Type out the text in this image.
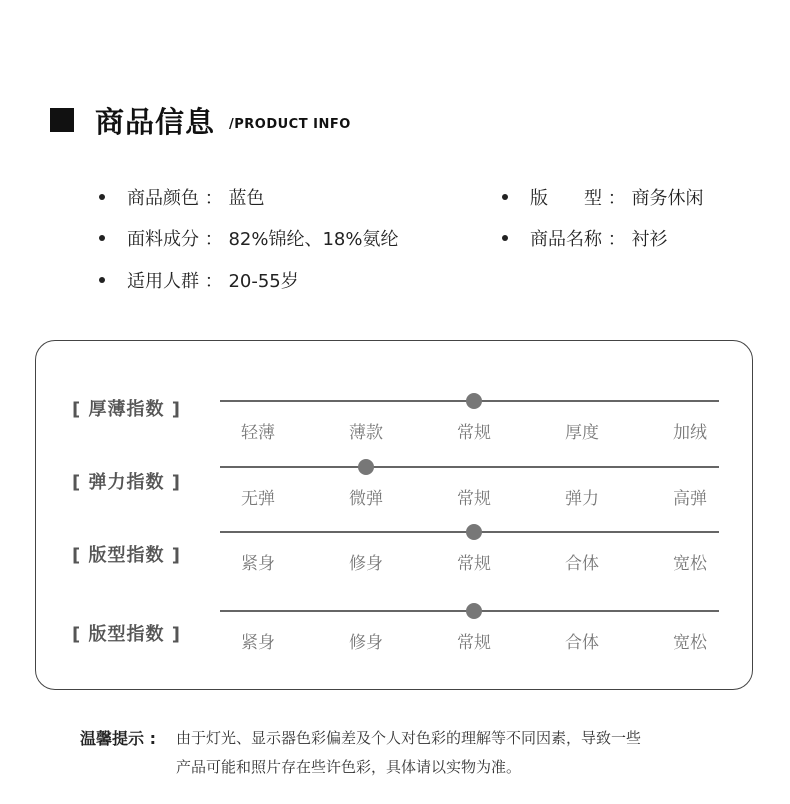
商品信息 /PRODUCT INFO
商品颜色 ： 蓝色
面料成分 ： 82%锦纶、18%氨纶
适用人群 ： 20-55岁
版　　型 ： 商务休闲
商品名称 ： 衬衫
[ 厚薄指数 ]
轻薄	薄款	常规	厚度	加绒
[ 弹力指数 ]
无弹	微弹	常规	弹力	高弹
[ 版型指数 ]	紧身	修身	常规	合体	宽松
[ 版型指数 ]	紧身	修身	常规	合体	宽松
温馨提示 : 由于灯光、显示器色彩偏差及个人对色彩的理解等不同因素，导致一些
产品可能和照片存在些许色彩，具体请以实物为准。
